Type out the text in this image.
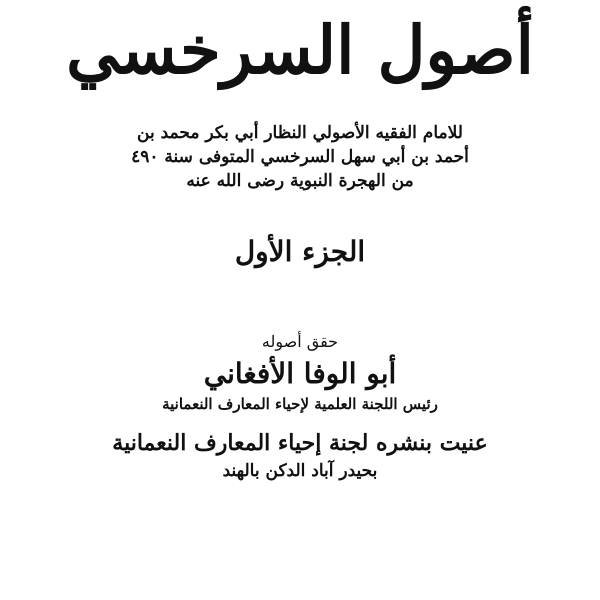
أصول السرخسي
للامام الفقيه الأصولي النظار أبي بكر محمد بن
أحمد بن أبي سهل السرخسي المتوفى سنة ٤٩٠
من الهجرة النبوية رضى الله عنه
الجزء الأول
حقق أصوله
أبو الوفا الأفغاني
رئيس اللجنة العلمية لإحياء المعارف النعمانية
عنيت بنشره لجنة إحياء المعارف النعمانية
بحيدر آباد الدكن بالهند
